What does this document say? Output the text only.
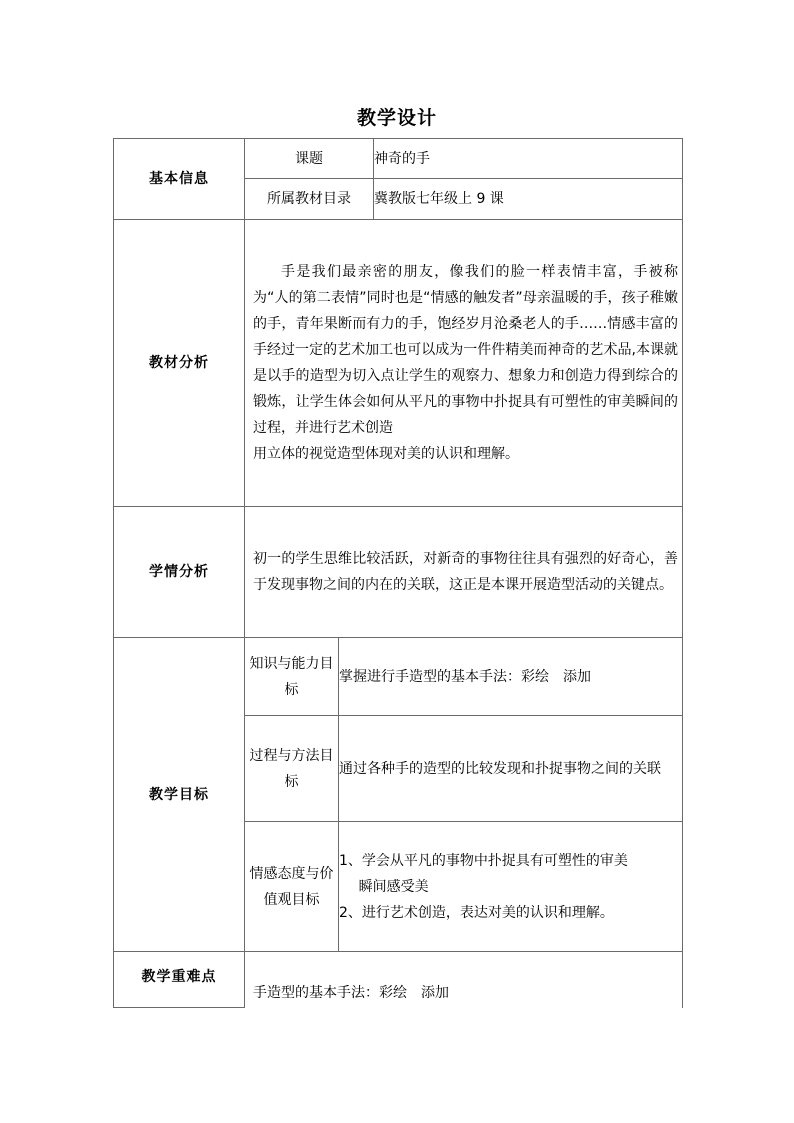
教学设计
基本信息	课题		神奇的手
	所属教材目录		冀教版七年级上 9 课
教材分析	手是我们最亲密的朋友，像我们的脸一样表情丰富，手被称为“人的第二表情”同时也是“情感的触发者”母亲温暖的手，孩子稚嫩的手，青年果断而有力的手，饱经岁月沧桑老人的手……情感丰富的手经过一定的艺术加工也可以成为一件件精美而神奇的艺术品,本课就是以手的造型为切入点让学生的观察力、想象力和创造力得到综合的锻炼，让学生体会如何从平凡的事物中扑捉具有可塑性的审美瞬间的过程，并进行艺术创造

用立体的视觉造型体现对美的认识和理解。		

学情分析	初一的学生思维比较活跃，对新奇的事物往往具有强烈的好奇心，善于发现事物之间的内在的关联，这正是本课开展造型活动的关键点。		

教学目标	知识与能力目标	掌握进行手造型的基本手法：彩绘　添加	
	过程与方法目标	通过各种手的造型的比较发现和扑捉事物之间的关联	
	情感态度与价值观目标	1、学会从平凡的事物中扑捉具有可塑性的审美

瞬间感受美

2、进行艺术创造，表达对美的认识和理解。	

教学重难点	手造型的基本手法：彩绘　添加		
